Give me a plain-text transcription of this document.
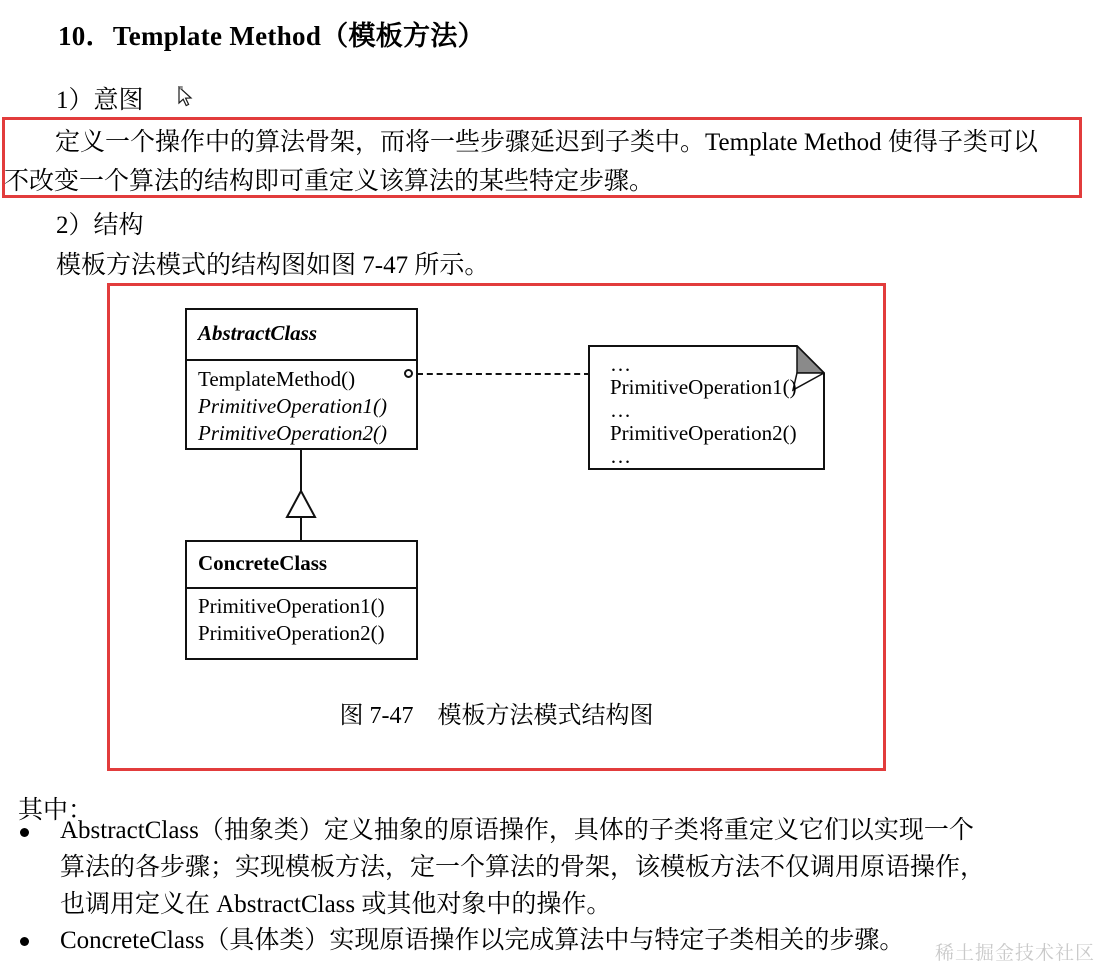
10．Template Method（模板方法）
1）意图
定义一个操作中的算法骨架，而将一些步骤延迟到子类中。Template Method 使得子类可以
不改变一个算法的结构即可重定义该算法的某些特定步骤。
2）结构
模板方法模式的结构图如图 7-47 所示。
AbstractClass
TemplateMethod()
PrimitiveOperation1()
PrimitiveOperation2()
ConcreteClass
PrimitiveOperation1()
PrimitiveOperation2()
…
PrimitiveOperation1()
…
PrimitiveOperation2()
…
图 7-47 模板方法模式结构图
其中：
AbstractClass（抽象类）定义抽象的原语操作，具体的子类将重定义它们以实现一个
算法的各步骤；实现模板方法，定一个算法的骨架，该模板方法不仅调用原语操作，
也调用定义在 AbstractClass 或其他对象中的操作。
ConcreteClass（具体类）实现原语操作以完成算法中与特定子类相关的步骤。 稀土掘金技术社区
